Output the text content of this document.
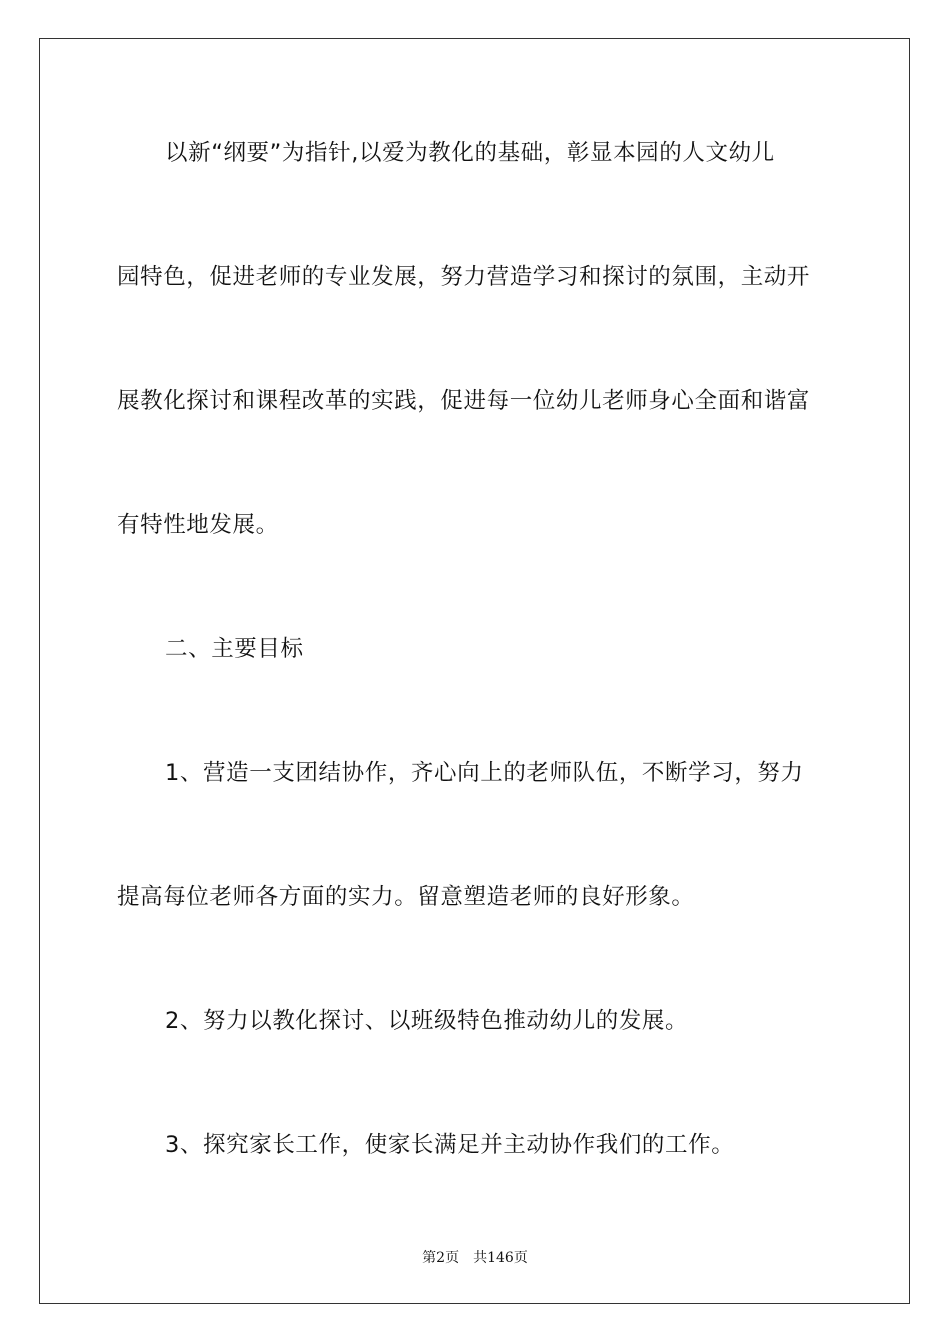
以新“纲要”为指针,以爱为教化的基础，彰显本园的人文幼儿
园特色，促进老师的专业发展，努力营造学习和探讨的氛围，主动开
展教化探讨和课程改革的实践，促进每一位幼儿老师身心全面和谐富
有特性地发展。
二、主要目标
1、营造一支团结协作，齐心向上的老师队伍，不断学习，努力
提高每位老师各方面的实力。留意塑造老师的良好形象。
2、努力以教化探讨、以班级特色推动幼儿的发展。
3、探究家长工作，使家长满足并主动协作我们的工作。
第2页 共146页
